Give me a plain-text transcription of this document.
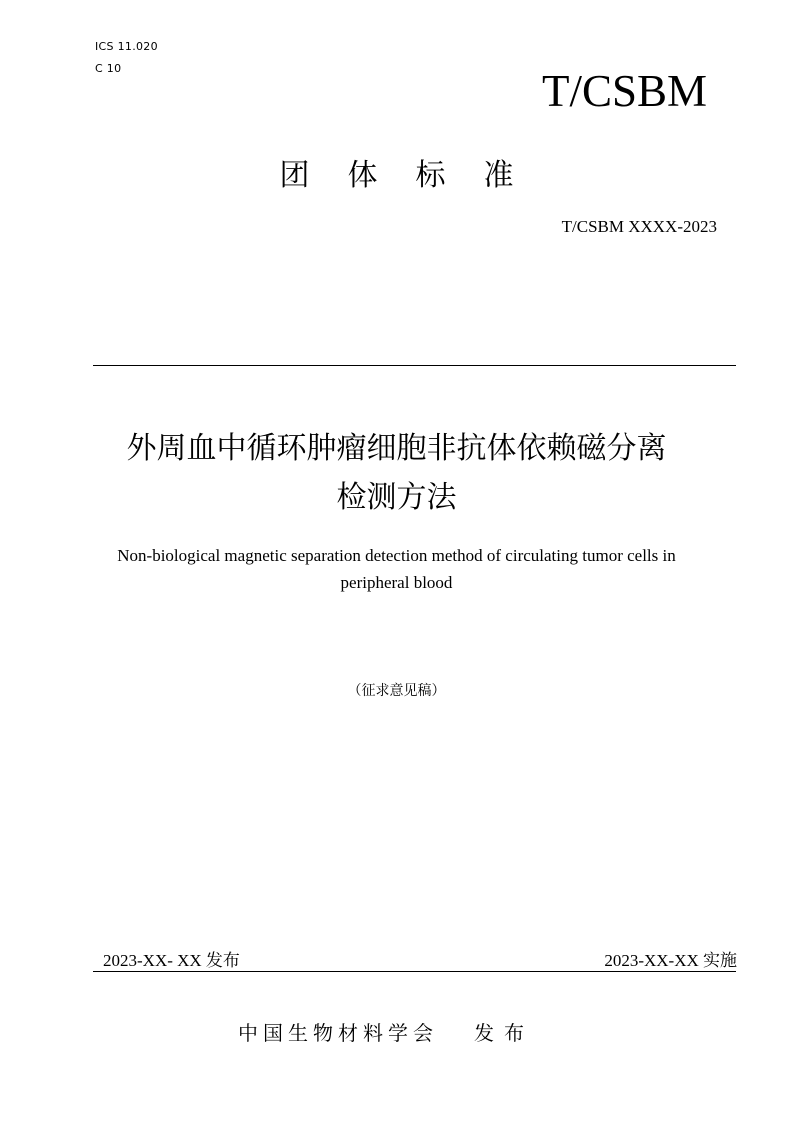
ICS 11.020
C 10	T/CSBM
团体标准
T/CSBM XXXX-2023
外周血中循环肿瘤细胞非抗体依赖磁分离
检测方法
Non-biological magnetic separation detection method of circulating tumor cells in
peripheral blood
（征求意见稿）
2023-XX- XX 发布	2023-XX-XX 实施
中国生物材料学会 发布
